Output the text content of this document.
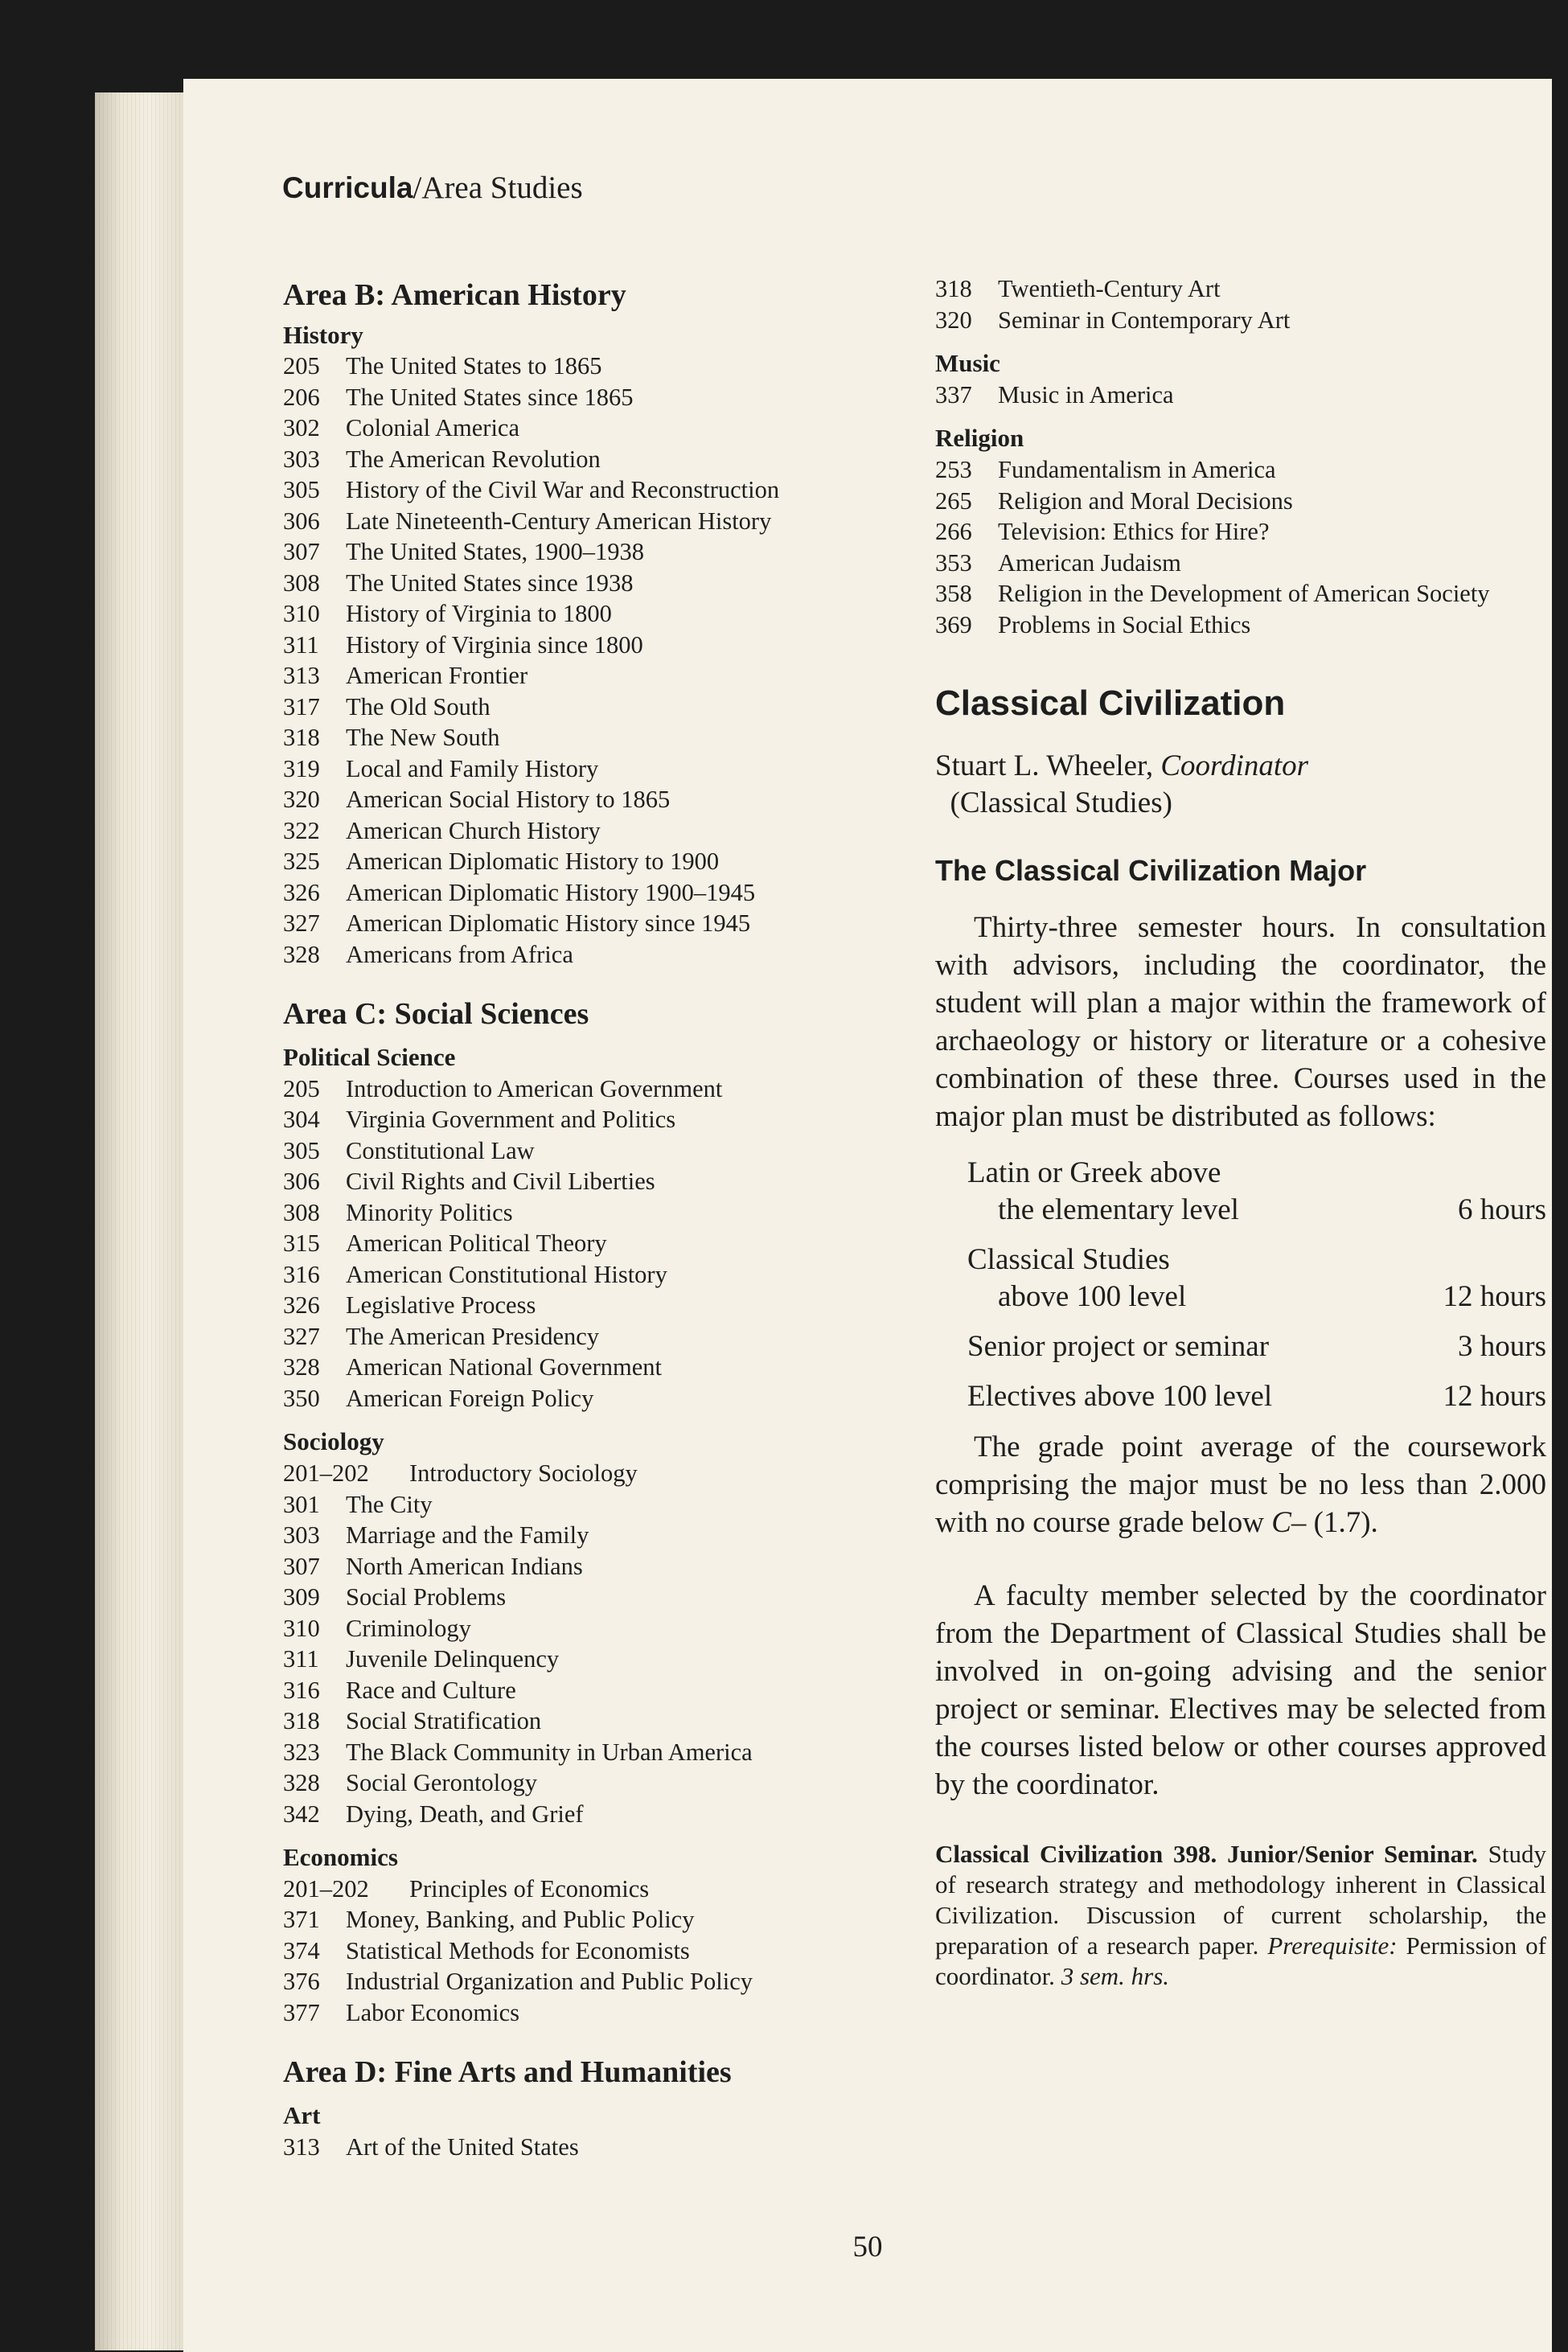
Curricula/Area Studies
Area B: American History
History
205	The United States to 1865
206	The United States since 1865
302	Colonial America
303	The American Revolution
305	History of the Civil War and Reconstruction
306	Late Nineteenth-Century American History
307	The United States, 1900–1938
308	The United States since 1938
310	History of Virginia to 1800
311	History of Virginia since 1800
313	American Frontier
317	The Old South
318	The New South
319	Local and Family History
320	American Social History to 1865
322	American Church History
325	American Diplomatic History to 1900
326	American Diplomatic History 1900–1945
327	American Diplomatic History since 1945
328	Americans from Africa
Area C: Social Sciences
Political Science
205	Introduction to American Government
304	Virginia Government and Politics
305	Constitutional Law
306	Civil Rights and Civil Liberties
308	Minority Politics
315	American Political Theory
316	American Constitutional History
326	Legislative Process
327	The American Presidency
328	American National Government
350	American Foreign Policy
Sociology
201–202	Introductory Sociology
301	The City
303	Marriage and the Family
307	North American Indians
309	Social Problems
310	Criminology
311	Juvenile Delinquency
316	Race and Culture
318	Social Stratification
323	The Black Community in Urban America
328	Social Gerontology
342	Dying, Death, and Grief
Economics
201–202	Principles of Economics
371	Money, Banking, and Public Policy
374	Statistical Methods for Economists
376	Industrial Organization and Public Policy
377	Labor Economics
Area D: Fine Arts and Humanities
Art
313	Art of the United States
318	Twentieth-Century Art
320	Seminar in Contemporary Art
Music
337	Music in America
Religion
253	Fundamentalism in America
265	Religion and Moral Decisions
266	Television: Ethics for Hire?
353	American Judaism
358	Religion in the Development of American Society
369	Problems in Social Ethics
Classical Civilization
Stuart L. Wheeler, Coordinator
(Classical Studies)
The Classical Civilization Major

Thirty-three semester hours. In consultation with advisors, including the coordinator, the student will plan a major within the framework of archaeology or history or literature or a cohesive combination of these three. Courses used in the major plan must be distributed as follows:

Latin or Greek above
the elementary level	6 hours
Classical Studies
above 100 level	12 hours
Senior project or seminar	3 hours
Electives above 100 level	12 hours

The grade point average of the coursework comprising the major must be no less than 2.000 with no course grade below C– (1.7).

A faculty member selected by the coordinator from the Department of Classical Studies shall be involved in on-going advising and the senior project or seminar. Electives may be selected from the courses listed below or other courses approved by the coordinator.

Classical Civilization 398. Junior/Senior Seminar. Study of research strategy and methodology inherent in Classical Civilization. Discussion of current scholarship, the preparation of a research paper. Prerequisite: Permission of coordinator. 3 sem. hrs.

50
